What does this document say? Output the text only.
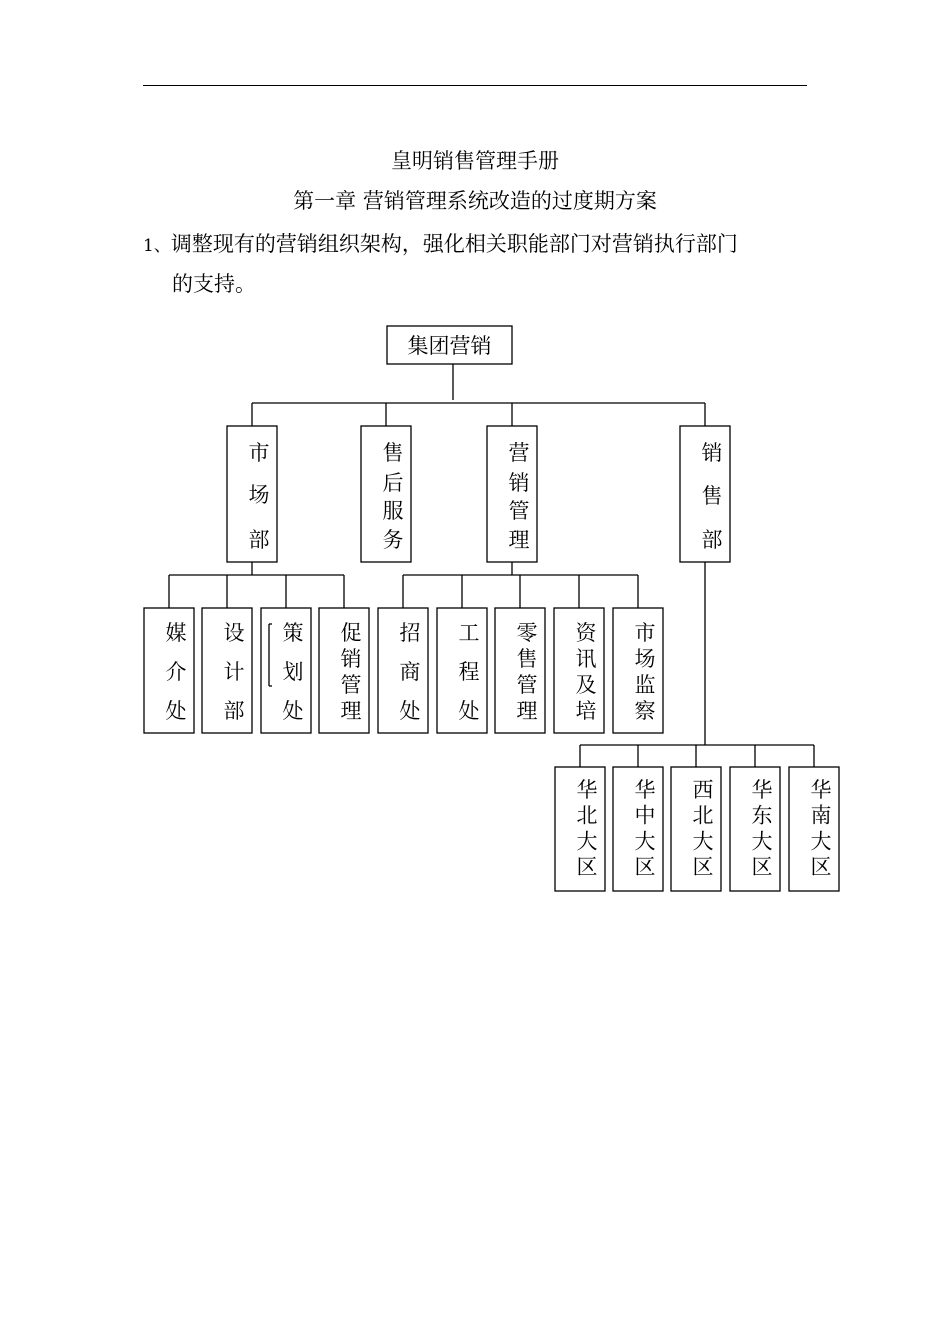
皇明销售管理手册
第一章 营销管理系统改造的过度期方案
1、调整现有的营销组织架构，强化相关职能部门对营销执行部门
的支持。
集团营销
市
场
部
售
后
服
务
营
销
管
理
销
售
部
媒
介
处
设
计
部
策
划
处
促
销
管
理
招
商
处
工
程
处
零
售
管
理
资
讯
及
培
市
场
监
察
华
北
大
区
华
中
大
区
西
北
大
区
华
东
大
区
华
南
大
区
